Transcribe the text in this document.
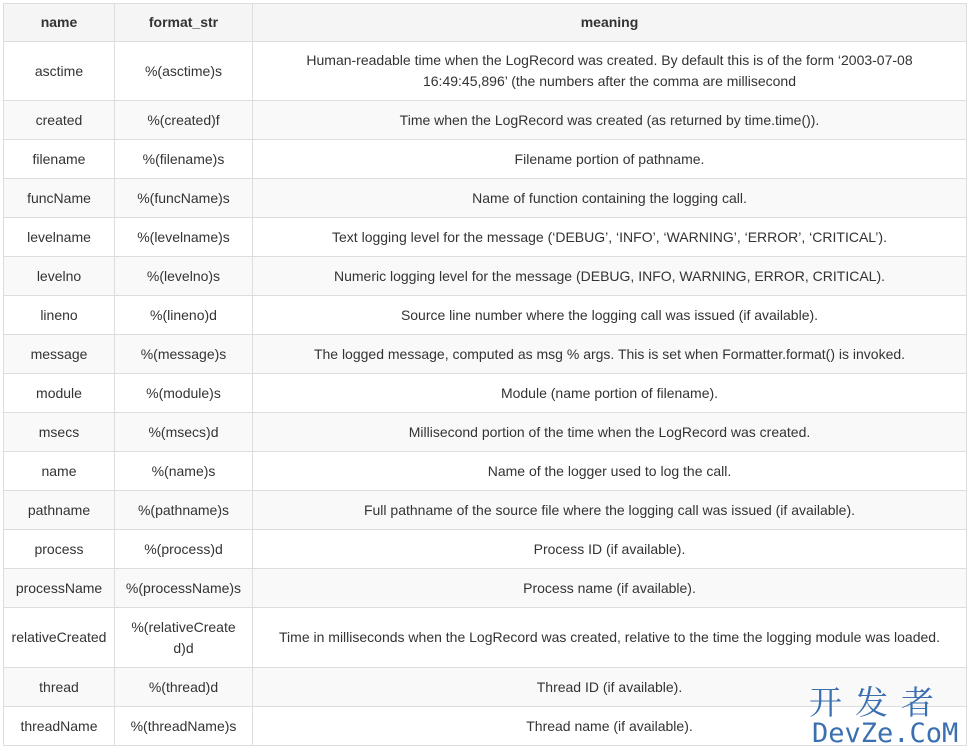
name	format_str	meaning
asctime	%(asctime)s	Human-readable time when the LogRecord was created. By default this is of the form ‘2003-07-08 16:49:45,896’ (the numbers after the comma are millisecond
created	%(created)f	Time when the LogRecord was created (as returned by time.time()).
filename	%(filename)s	Filename portion of pathname.
funcName	%(funcName)s	Name of function containing the logging call.
levelname	%(levelname)s	Text logging level for the message (‘DEBUG’, ‘INFO’, ‘WARNING’, ‘ERROR’, ‘CRITICAL’).
levelno	%(levelno)s	Numeric logging level for the message (DEBUG, INFO, WARNING, ERROR, CRITICAL).
lineno	%(lineno)d	Source line number where the logging call was issued (if available).
message	%(message)s	The logged message, computed as msg % args. This is set when Formatter.format() is invoked.
module	%(module)s	Module (name portion of filename).
msecs	%(msecs)d	Millisecond portion of the time when the LogRecord was created.
name	%(name)s	Name of the logger used to log the call.
pathname	%(pathname)s	Full pathname of the source file where the logging call was issued (if available).
process	%(process)d	Process ID (if available).
processName	%(processName)s	Process name (if available).
relativeCreated	%(relativeCreated)d	Time in milliseconds when the LogRecord was created, relative to the time the logging module was loaded.
thread	%(thread)d	Thread ID (if available).
threadName	%(threadName)s	Thread name (if available).
开发者
DevZe.CoM
